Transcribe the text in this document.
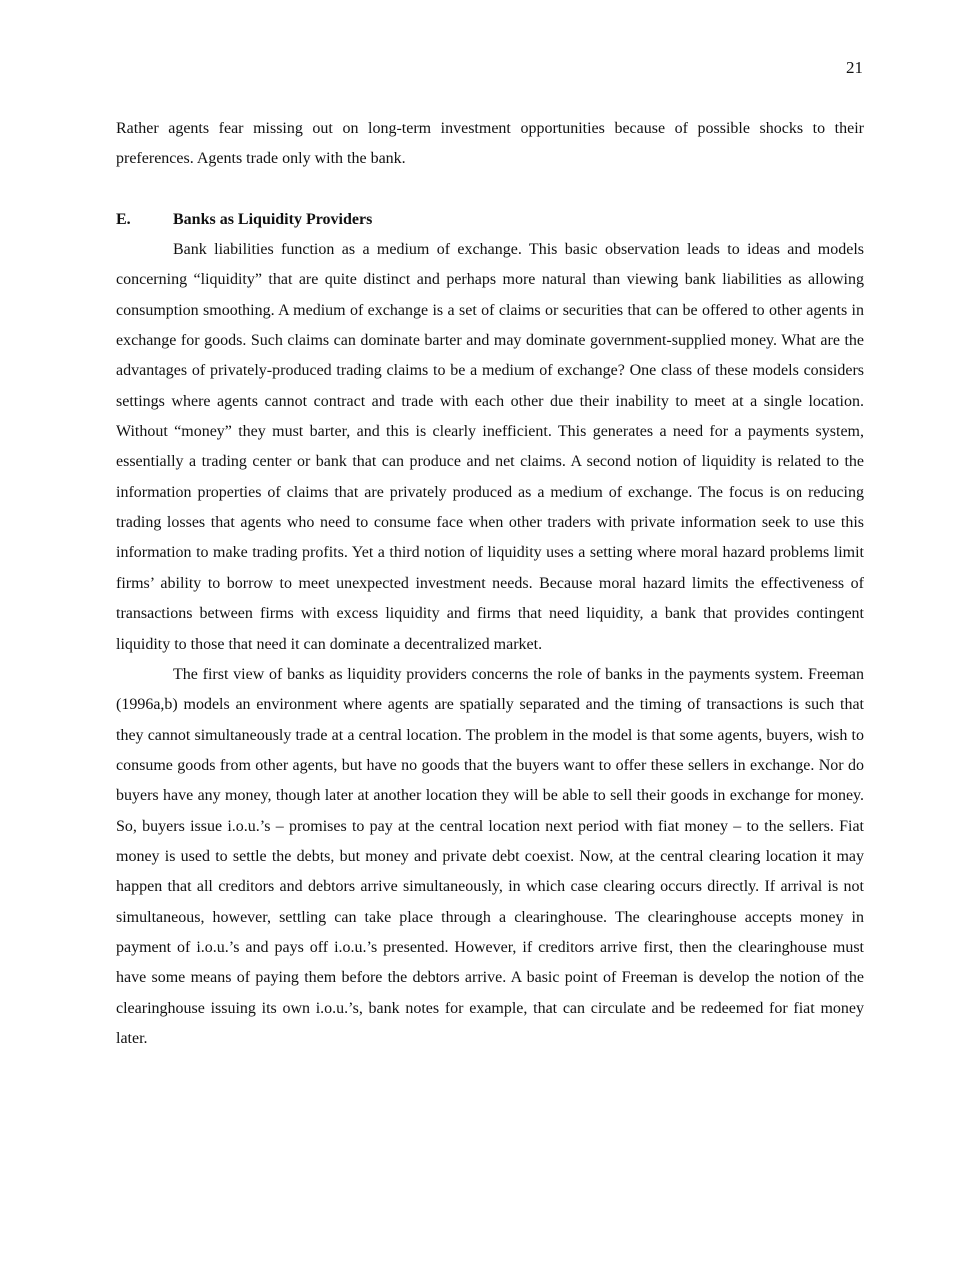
21

Rather agents fear missing out on long-term investment opportunities because of possible shocks to their preferences. Agents trade only with the bank.

E.	Banks as Liquidity Providers

Bank liabilities function as a medium of exchange. This basic observation leads to ideas and models concerning “liquidity” that are quite distinct and perhaps more natural than viewing bank liabilities as allowing consumption smoothing. A medium of exchange is a set of claims or securities that can be offered to other agents in exchange for goods. Such claims can dominate barter and may dominate government-supplied money. What are the advantages of privately-produced trading claims to be a medium of exchange? One class of these models considers settings where agents cannot contract and trade with each other due their inability to meet at a single location. Without “money” they must barter, and this is clearly inefficient. This generates a need for a payments system, essentially a trading center or bank that can produce and net claims. A second notion of liquidity is related to the information properties of claims that are privately produced as a medium of exchange. The focus is on reducing trading losses that agents who need to consume face when other traders with private information seek to use this information to make trading profits. Yet a third notion of liquidity uses a setting where moral hazard problems limit firms’ ability to borrow to meet unexpected investment needs. Because moral hazard limits the effectiveness of transactions between firms with excess liquidity and firms that need liquidity, a bank that provides contingent liquidity to those that need it can dominate a decentralized market.

The first view of banks as liquidity providers concerns the role of banks in the payments system. Freeman (1996a,b) models an environment where agents are spatially separated and the timing of transactions is such that they cannot simultaneously trade at a central location. The problem in the model is that some agents, buyers, wish to consume goods from other agents, but have no goods that the buyers want to offer these sellers in exchange. Nor do buyers have any money, though later at another location they will be able to sell their goods in exchange for money. So, buyers issue i.o.u.’s – promises to pay at the central location next period with fiat money – to the sellers. Fiat money is used to settle the debts, but money and private debt coexist. Now, at the central clearing location it may happen that all creditors and debtors arrive simultaneously, in which case clearing occurs directly. If arrival is not simultaneous, however, settling can take place through a clearinghouse. The clearinghouse accepts money in payment of i.o.u.’s and pays off i.o.u.’s presented. However, if creditors arrive first, then the clearinghouse must have some means of paying them before the debtors arrive. A basic point of Freeman is develop the notion of the clearinghouse issuing its own i.o.u.’s, bank notes for example, that can circulate and be redeemed for fiat money later.
